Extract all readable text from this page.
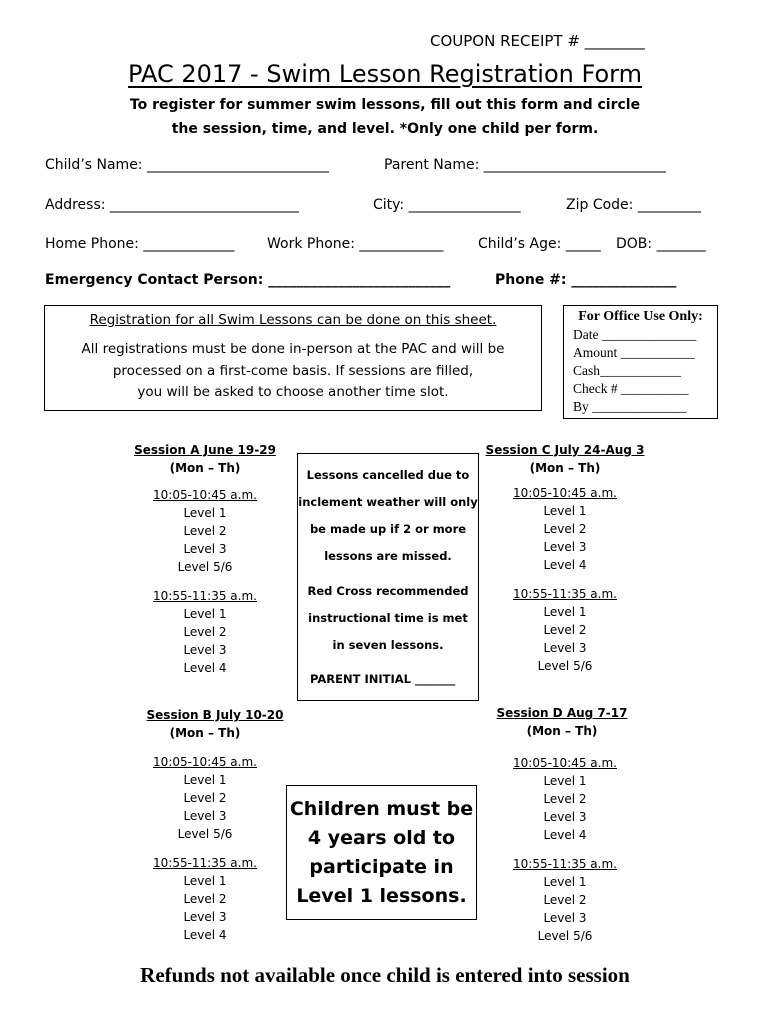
COUPON RECEIPT # ________
PAC 2017 - Swim Lesson Registration Form
To register for summer swim lessons, fill out this form and circle
the session, time, and level. *Only one child per form.
Child’s Name: __________________________	Parent Name: __________________________
Address: ___________________________	City: ________________	Zip Code: _________
Home Phone: _____________ Work Phone: ____________ Child’s Age: _____ DOB: _______
Emergency Contact Person: __________________________	Phone #: _______________
Registration for all Swim Lessons can be done on this sheet.
All registrations must be done in-person at the PAC and will be
processed on a first-come basis. If sessions are filled,
you will be asked to choose another time slot.
For Office Use Only:
Date ______________
Amount ___________
Cash____________
Check # __________
By ______________
Session A June 19-29
(Mon – Th)
10:05-10:45 a.m.
Level 1
Level 2
Level 3
Level 5/6
10:55-11:35 a.m.
Level 1
Level 2
Level 3
Level 4
Session B July 10-20
(Mon – Th)
10:05-10:45 a.m.
Level 1
Level 2
Level 3
Level 5/6
10:55-11:35 a.m.
Level 1
Level 2
Level 3
Level 4
Session C July 24-Aug 3
(Mon – Th)
10:05-10:45 a.m.
Level 1
Level 2
Level 3
Level 4
10:55-11:35 a.m.
Level 1
Level 2
Level 3
Level 5/6
Session D Aug 7-17
(Mon – Th)
10:05-10:45 a.m.
Level 1
Level 2
Level 3
Level 4
10:55-11:35 a.m.
Level 1
Level 2
Level 3
Level 5/6
Lessons cancelled due to
inclement weather will only
be made up if 2 or more
lessons are missed.
Red Cross recommended
instructional time is met
in seven lessons.
PARENT INITIAL _______
Children must be
4 years old to
participate in
Level 1 lessons.
Refunds not available once child is entered into session
